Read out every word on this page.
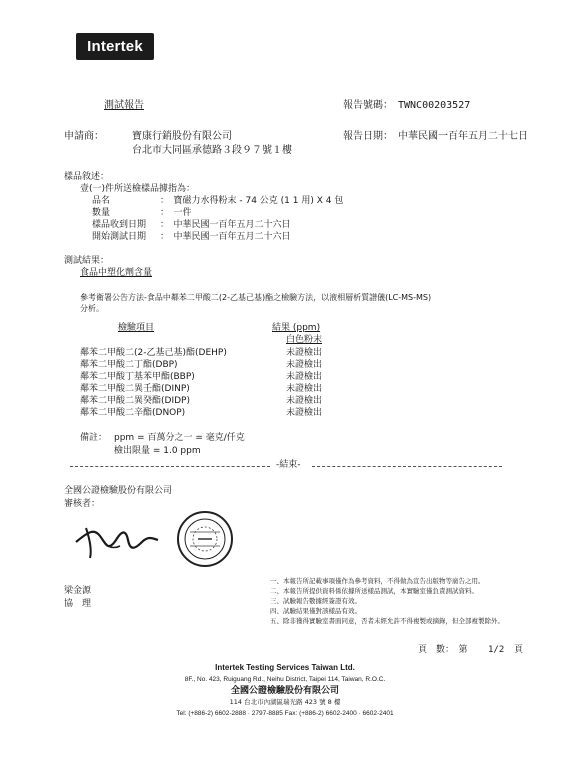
Intertek
測試報告	報告號碼： TWNC00203527
申請商：	寶康行銷股份有限公司
台北市大同區承德路３段９７號１樓
報告日期： 中華民國一百年五月二十七日
樣品敘述：
壹(一)件所送檢樣品據指為：
品名	：　寶磁力水得粉末 - 74 公克 (1 1 用) X 4 包
數量	：　一件
樣品收到日期 ：　中華民國一百年五月二十六日
開始測試日期 ：　中華民國一百年五月二十六日
測試結果：
食品中塑化劑含量
參考衛署公告方法-食品中鄰苯二甲酸二(2-乙基己基)酯之檢驗方法，以液相層析質譜儀(LC-MS-MS)
分析。
檢驗項目	結果 (ppm)
白色粉末
鄰苯二甲酸二(2-乙基己基)酯(DEHP)	未證檢出
鄰苯二甲酸二丁酯(DBP)	未證檢出
鄰苯二甲酸丁基苯甲酯(BBP)	未證檢出
鄰苯二甲酸二異壬酯(DINP)	未證檢出
鄰苯二甲酸二異癸酯(DIDP)	未證檢出
鄰苯二甲酸二辛酯(DNOP)	未證檢出
備註： ppm = 百萬分之一 = 毫克/仟克
檢出限量 = 1.0 ppm
-結束-
全國公證檢驗股份有限公司
審核者：
梁金源
協　理
一、本報告所記載事項僅作為參考資料，不得做為宣告出版物等廣告之用。
二、本報告所提供資料係依據所送樣品測試，本實驗室僅負責測試資料。
三、試驗報告數據經簽證有效。
四、試驗結果僅對該樣品有效。
五、除非獲得實驗室書面同意，否者未經允許不得複製或摘錄，但全部複製除外。
頁　數：　第 1/2 頁
Intertek Testing Services Taiwan Ltd.
8F., No. 423, Ruiguang Rd., Neihu District, Taipei 114, Taiwan, R.O.C.
全國公證檢驗股份有限公司
114 台北市內湖區瑞光路 423 號 8 樓
Tel: (+886-2) 6602-2888 · 2797-8885 Fax: (+886-2) 6602-2400 · 6602-2401
